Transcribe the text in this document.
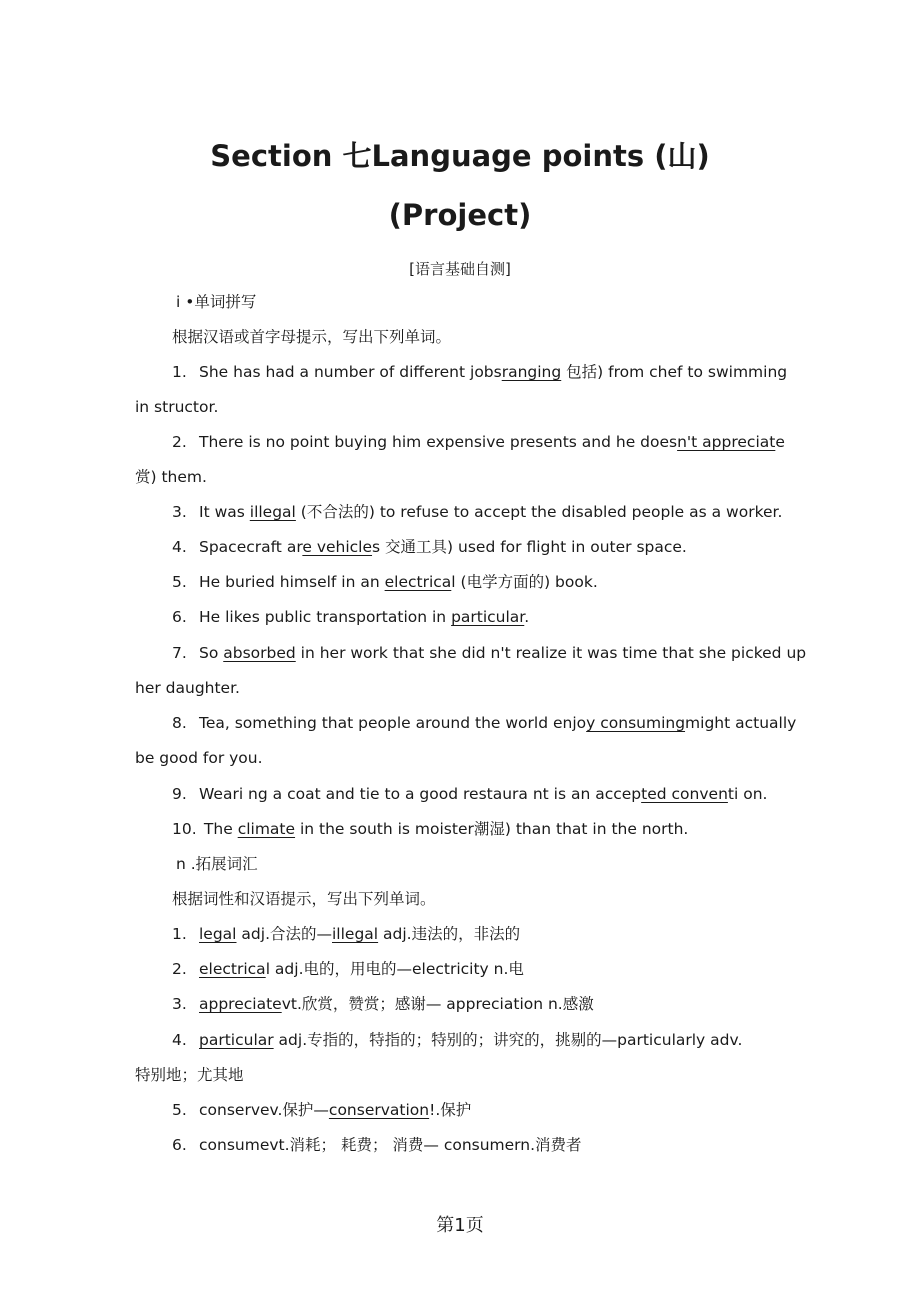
Section 七Language points (山)
(Project)
[语言基础自测]
i •单词拼写
根据汉语或首字母提示，写出下列单词。
1. She has had a number of different jobsranging 包括) from chef to swimming
in structor.
2. There is no point buying him expensive presents and he doesn't appreciate
赏) them.
3. It was illegal (不合法的) to refuse to accept the disabled people as a worker.
4. Spacecraft are vehicles 交通工具) used for flight in outer space.
5. He buried himself in an electrical (电学方面的) book.
6. He likes public transportation in particular.
7. So absorbed in her work that she did n't realize it was time that she picked up
her daughter.
8. Tea, something that people around the world enjoy consumingmight actually
be good for you.
9. Weari ng a coat and tie to a good restaura nt is an accepted conventi on.
10. The climate in the south is moister潮湿) than that in the north.
n .拓展词汇
根据词性和汉语提示，写出下列单词。
1. legal adj.合法的—illegal adj.违法的，非法的
2. electrical adj.电的，用电的—electricity n.电
3. appreciatevt.欣赏，赞赏；感谢— appreciation n.感激
4. particular adj.专指的，特指的；特别的；讲究的，挑剔的—particularly adv.
特别地；尤其地
5. conservev.保护—conservation!.保护
6. consumevt.消耗； 耗费； 消费— consumern.消费者
第1页
